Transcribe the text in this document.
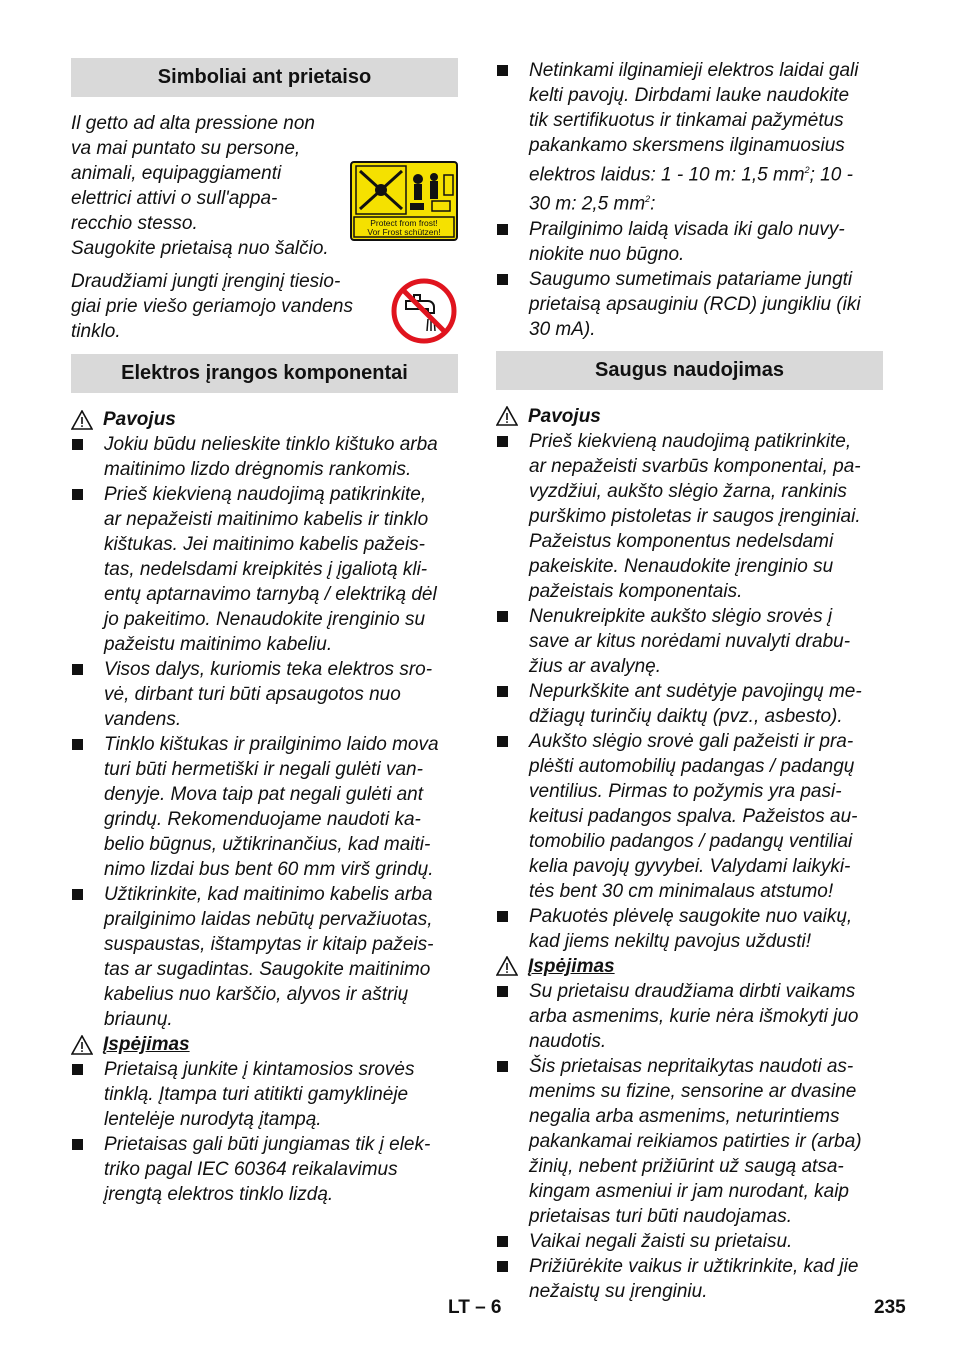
Simboliai ant prietaiso

Il getto ad alta pressione non
va mai puntato su persone,
animali, equipaggiamenti
elettrici attivi o sull'appa-
recchio stesso.

Saugokite prietaisą nuo šalčio.

Protect from frost!
Vor Frost schützen!

Draudžiami jungti įrenginį tiesio-
giai prie viešo geriamojo vandens
tinklo.

Elektros įrangos komponentai

Pavojus

Jokiu būdu nelieskite tinklo kištuko arba
maitinimo lizdo drėgnomis rankomis.
Prieš kiekvieną naudojimą patikrinkite,
ar nepažeisti maitinimo kabelis ir tinklo
kištukas. Jei maitinimo kabelis pažeis-
tas, nedelsdami kreipkitės į įgaliotą kli-
entų aptarnavimo tarnybą / elektriką dėl
jo pakeitimo. Nenaudokite įrenginio su
pažeistu maitinimo kabeliu.
Visos dalys, kuriomis teka elektros sro-
vė, dirbant turi būti apsaugotos nuo
vandens.
Tinklo kištukas ir prailginimo laido mova
turi būti hermetiški ir negali gulėti van-
denyje. Mova taip pat negali gulėti ant
grindų. Rekomenduojame naudoti ka-
belio būgnus, užtikrinančius, kad maiti-
nimo lizdai bus bent 60 mm virš grindų.
Užtikrinkite, kad maitinimo kabelis arba
prailginimo laidas nebūtų pervažiuotas,
suspaustas, ištampytas ir kitaip pažeis-
tas ar sugadintas. Saugokite maitinimo
kabelius nuo karščio, alyvos ir aštrių
briaunų.

Įspėjimas

Prietaisą junkite į kintamosios srovės
tinklą. Įtampa turi atitikti gamyklinėje
lentelėje nurodytą įtampą.
Prietaisas gali būti jungiamas tik į elek-
triko pagal IEC 60364 reikalavimus
įrengtą elektros tinklo lizdą.
Netinkami ilginamieji elektros laidai gali
kelti pavojų. Dirbdami lauke naudokite
tik sertifikuotus ir tinkamai pažymėtus
pakankamo skersmens ilginamuosius
elektros laidus: 1 - 10 m: 1,5 $mm^2$; 10 -
30 m: 2,5 $mm^2$:
Prailginimo laidą visada iki galo nuvy-
niokite nuo būgno.
Saugumo sumetimais patariame jungti
prietaisą apsauginiu (RCD) jungikliu (iki
30 mA).
Saugus naudojimas

Pavojus

Prieš kiekvieną naudojimą patikrinkite,
ar nepažeisti svarbūs komponentai, pa-
vyzdžiui, aukšto slėgio žarna, rankinis
purškimo pistoletas ir saugos įrenginiai.
Pažeistus komponentus nedelsdami
pakeiskite. Nenaudokite įrenginio su
pažeistais komponentais.
Nenukreipkite aukšto slėgio srovės į
save ar kitus norėdami nuvalyti drabu-
žius ar avalynę.
Nepurkškite ant sudėtyje pavojingų me-
džiagų turinčių daiktų (pvz., asbesto).
Aukšto slėgio srovė gali pažeisti ir pra-
plėšti automobilių padangas / padangų
ventilius. Pirmas to požymis yra pasi-
keitusi padangos spalva. Pažeistos au-
tomobilio padangos / padangų ventiliai
kelia pavojų gyvybei. Valydami laikyki-
tės bent 30 cm minimalaus atstumo!
Pakuotės plėvelę saugokite nuo vaikų,
kad jiems nekiltų pavojus uždusti!

Įspėjimas

Su prietaisu draudžiama dirbti vaikams
arba asmenims, kurie nėra išmokyti juo
naudotis.
Šis prietaisas nepritaikytas naudoti as-
menims su fizine, sensorine ar dvasine
negalia arba asmenims, neturintiems
pakankamai reikiamos patirties ir (arba)
žinių, nebent prižiūrint už saugą atsa-
kingam asmeniui ir jam nurodant, kaip
prietaisas turi būti naudojamas.
Vaikai negali žaisti su prietaisu.
Prižiūrėkite vaikus ir užtikrinkite, kad jie
nežaistų su įrenginiu.
LT – 6	235
